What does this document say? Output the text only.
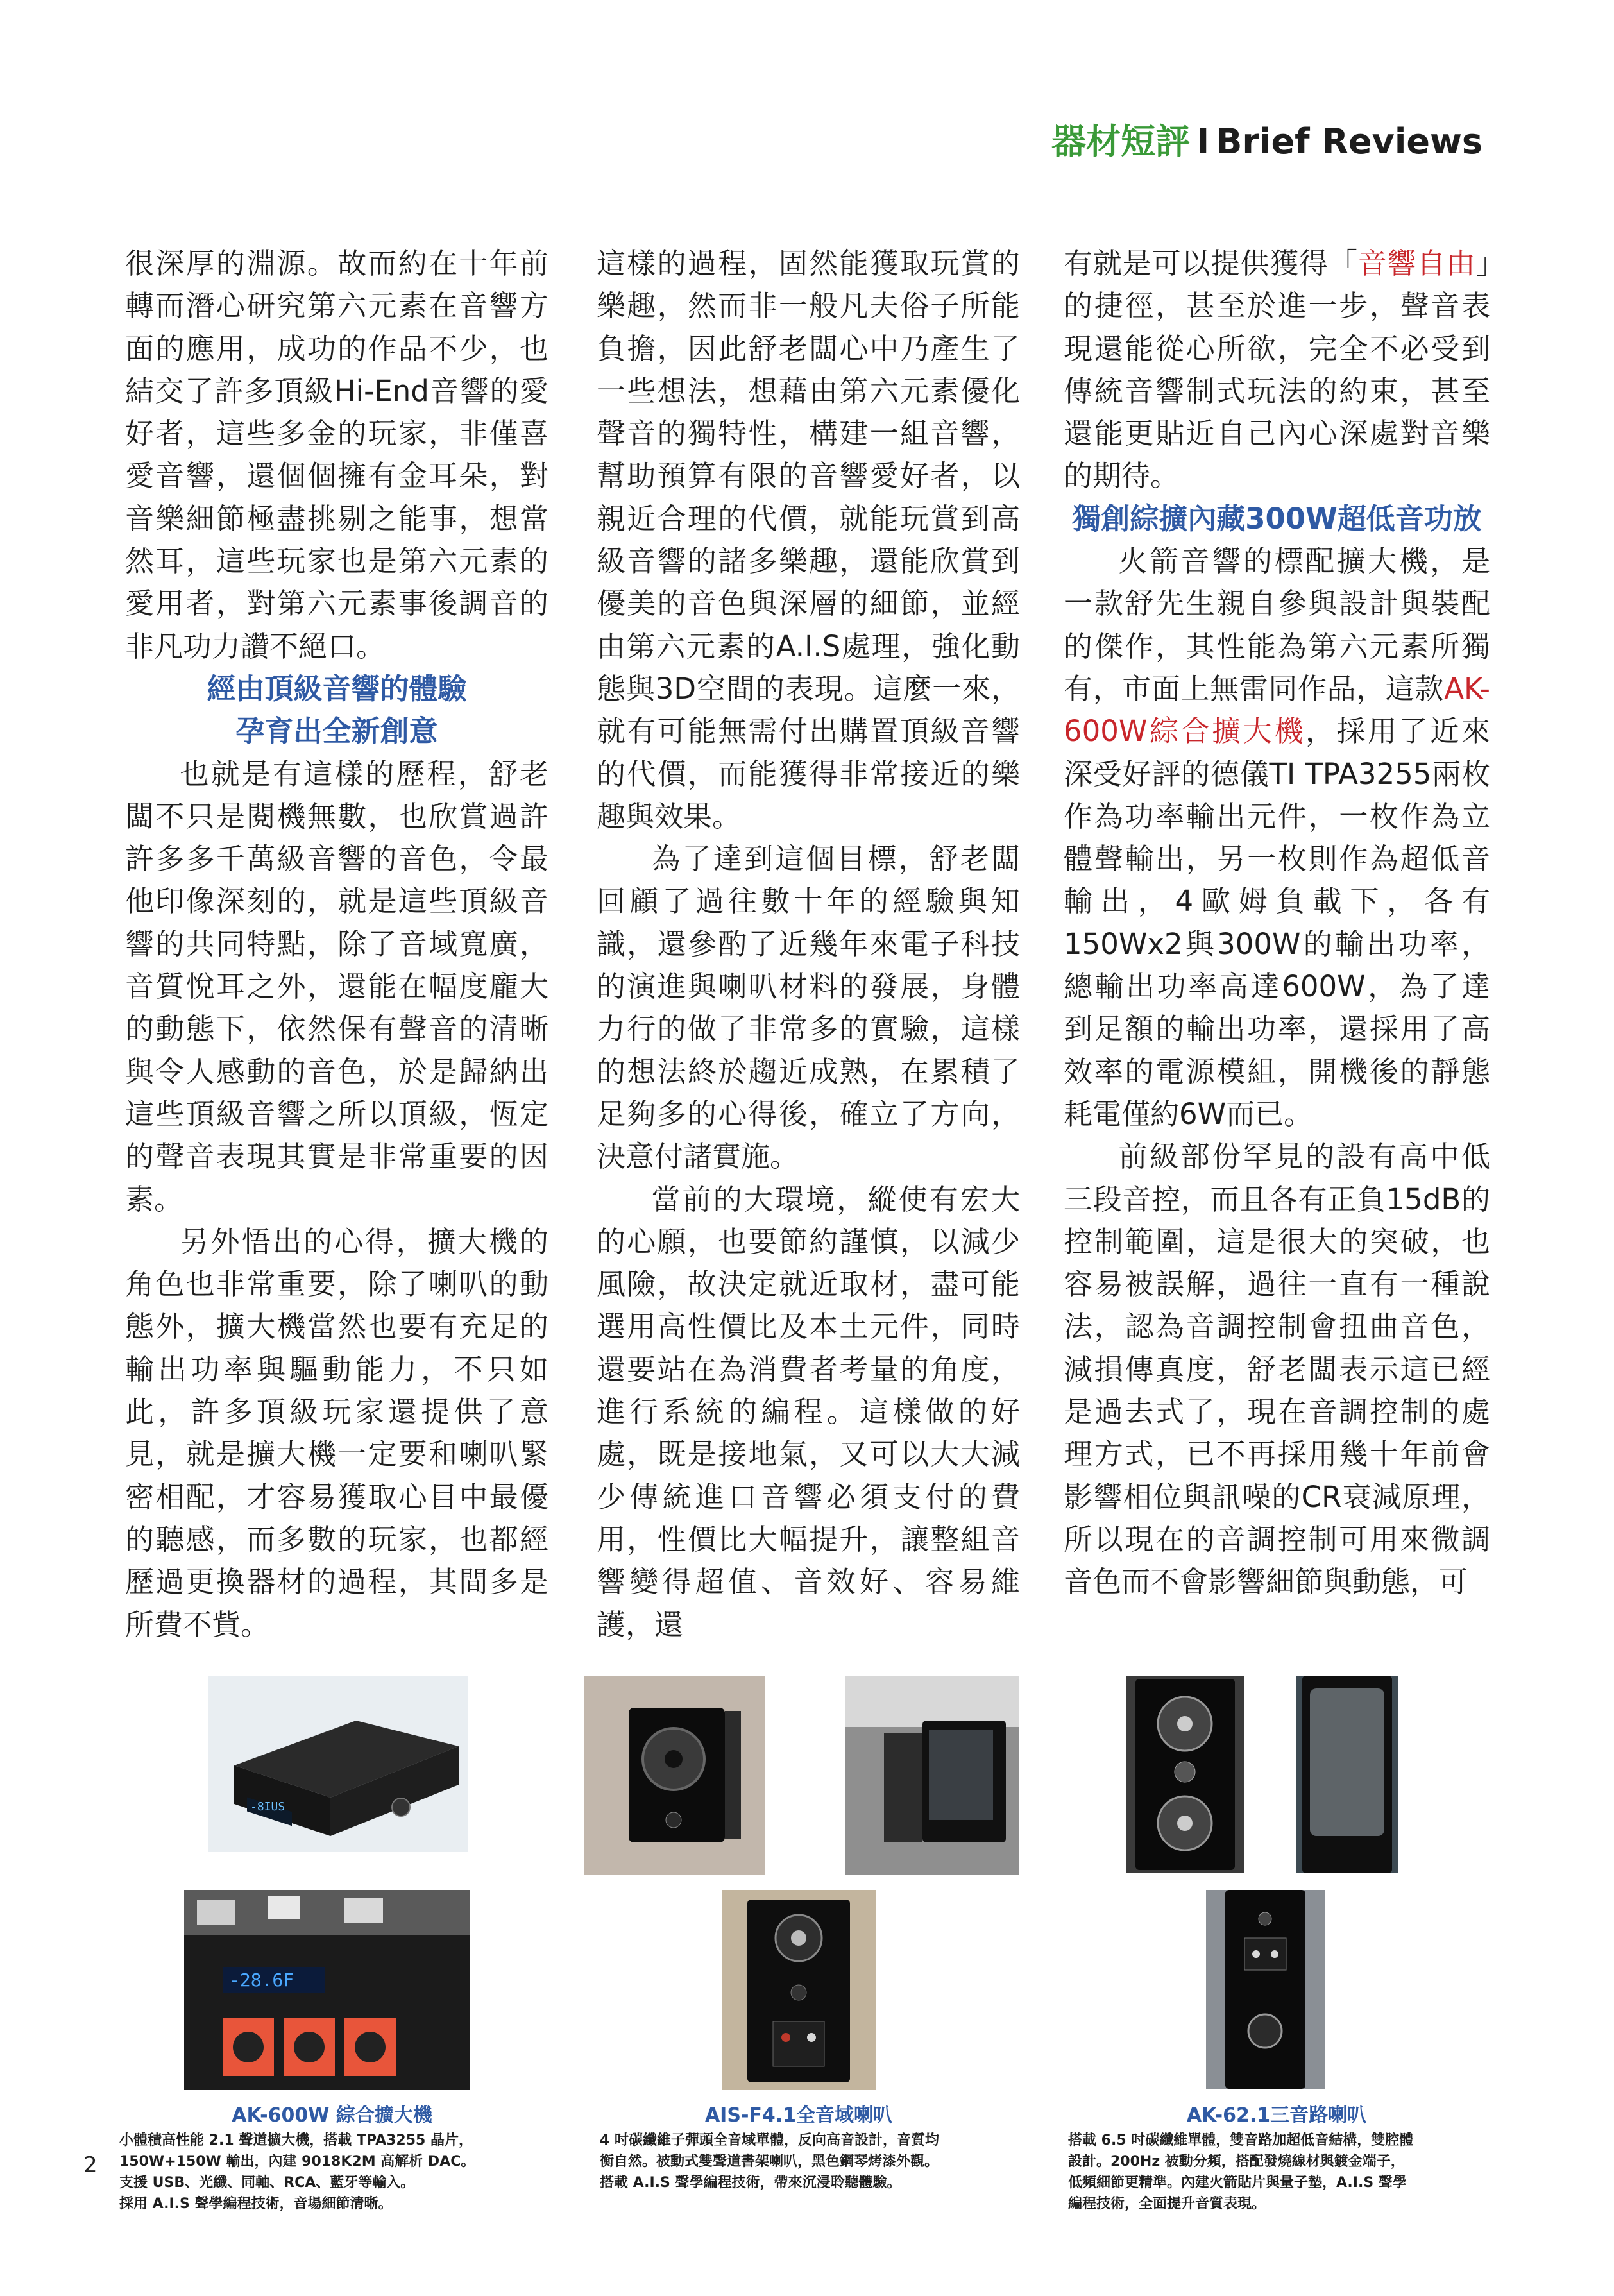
器材短評 I Brief Reviews

很深厚的淵源。故而約在十年前轉而潛心研究第六元素在音響方面的應用，成功的作品不少，也結交了許多頂級Hi-End音響的愛好者，這些多金的玩家，非僅喜愛音響，還個個擁有金耳朵，對音樂細節極盡挑剔之能事，想當然耳，這些玩家也是第六元素的愛用者，對第六元素事後調音的非凡功力讚不絕口。

經由頂級音響的體驗
孕育出全新創意

也就是有這樣的歷程，舒老闆不只是閱機無數，也欣賞過許許多多千萬級音響的音色，令最他印像深刻的，就是這些頂級音響的共同特點，除了音域寬廣，音質悅耳之外，還能在幅度龐大的動態下，依然保有聲音的清晰與令人感動的音色，於是歸納出這些頂級音響之所以頂級，恆定的聲音表現其實是非常重要的因素。

另外悟出的心得，擴大機的角色也非常重要，除了喇叭的動態外，擴大機當然也要有充足的輸出功率與驅動能力，不只如此，許多頂級玩家還提供了意見，就是擴大機一定要和喇叭緊密相配，才容易獲取心目中最優的聽感，而多數的玩家，也都經歷過更換器材的過程，其間多是所費不貲。

這樣的過程，固然能獲取玩賞的樂趣，然而非一般凡夫俗子所能負擔，因此舒老闆心中乃產生了一些想法，想藉由第六元素優化聲音的獨特性，構建一組音響，幫助預算有限的音響愛好者，以親近合理的代價，就能玩賞到高級音響的諸多樂趣，還能欣賞到優美的音色與深層的細節，並經由第六元素的A.I.S處理，強化動態與3D空間的表現。這麼一來，就有可能無需付出購置頂級音響的代價，而能獲得非常接近的樂趣與效果。

為了達到這個目標，舒老闆回顧了過往數十年的經驗與知識，還參酌了近幾年來電子科技的演進與喇叭材料的發展，身體力行的做了非常多的實驗，這樣的想法終於趨近成熟，在累積了足夠多的心得後，確立了方向，決意付諸實施。

當前的大環境，縱使有宏大的心願，也要節約謹慎，以減少風險，故決定就近取材，盡可能選用高性價比及本土元件，同時還要站在為消費者考量的角度，進行系統的編程。這樣做的好處，既是接地氣，又可以大大減少傳統進口音響必須支付的費用，性價比大幅提升，讓整組音響變得超值、音效好、容易維護，還

有就是可以提供獲得「音響自由」的捷徑，甚至於進一步，聲音表現還能從心所欲，完全不必受到傳統音響制式玩法的約束，甚至還能更貼近自己內心深處對音樂的期待。

獨創綜擴內藏300W超低音功放

火箭音響的標配擴大機，是一款舒先生親自參與設計與裝配的傑作，其性能為第六元素所獨有，市面上無雷同作品，這款AK-600W綜合擴大機，採用了近來深受好評的德儀TI TPA3255兩枚作為功率輸出元件，一枚作為立體聲輸出，另一枚則作為超低音輸出，4歐姆負載下，各有150Wx2與300W的輸出功率，總輸出功率高達600W，為了達到足額的輸出功率，還採用了高效率的電源模組，開機後的靜態耗電僅約6W而已。

前級部份罕見的設有高中低三段音控，而且各有正負15dB的控制範圍，這是很大的突破，也容易被誤解，過往一直有一種說法，認為音調控制會扭曲音色，減損傳真度，舒老闆表示這已經是過去式了，現在音調控制的處理方式，已不再採用幾十年前會影響相位與訊噪的CR衰減原理，所以現在的音調控制可用來微調音色而不會影響細節與動態，可

-8IUS
-28.6F
AK-600W 綜合擴大機
小體積高性能 2.1 聲道擴大機，搭載 TPA3255 晶片，
150W+150W 輸出，內建 9018K2M 高解析 DAC。
支援 USB、光纖、同軸、RCA、藍牙等輸入。
採用 A.I.S 聲學編程技術，音場細節清晰。
AIS-F4.1全音域喇叭
4 吋碳纖維子彈頭全音域單體，反向高音設計，音質均
衡自然。被動式雙聲道書架喇叭，黑色鋼琴烤漆外觀。
搭載 A.I.S 聲學編程技術，帶來沉浸聆聽體驗。
AK-62.1三音路喇叭
搭載 6.5 吋碳纖維單體，雙音路加超低音結構，雙腔體
設計。200Hz 被動分頻，搭配發燒線材與鍍金端子，
低頻細節更精準。內建火箭貼片與量子墊，A.I.S 聲學
編程技術，全面提升音質表現。
2
